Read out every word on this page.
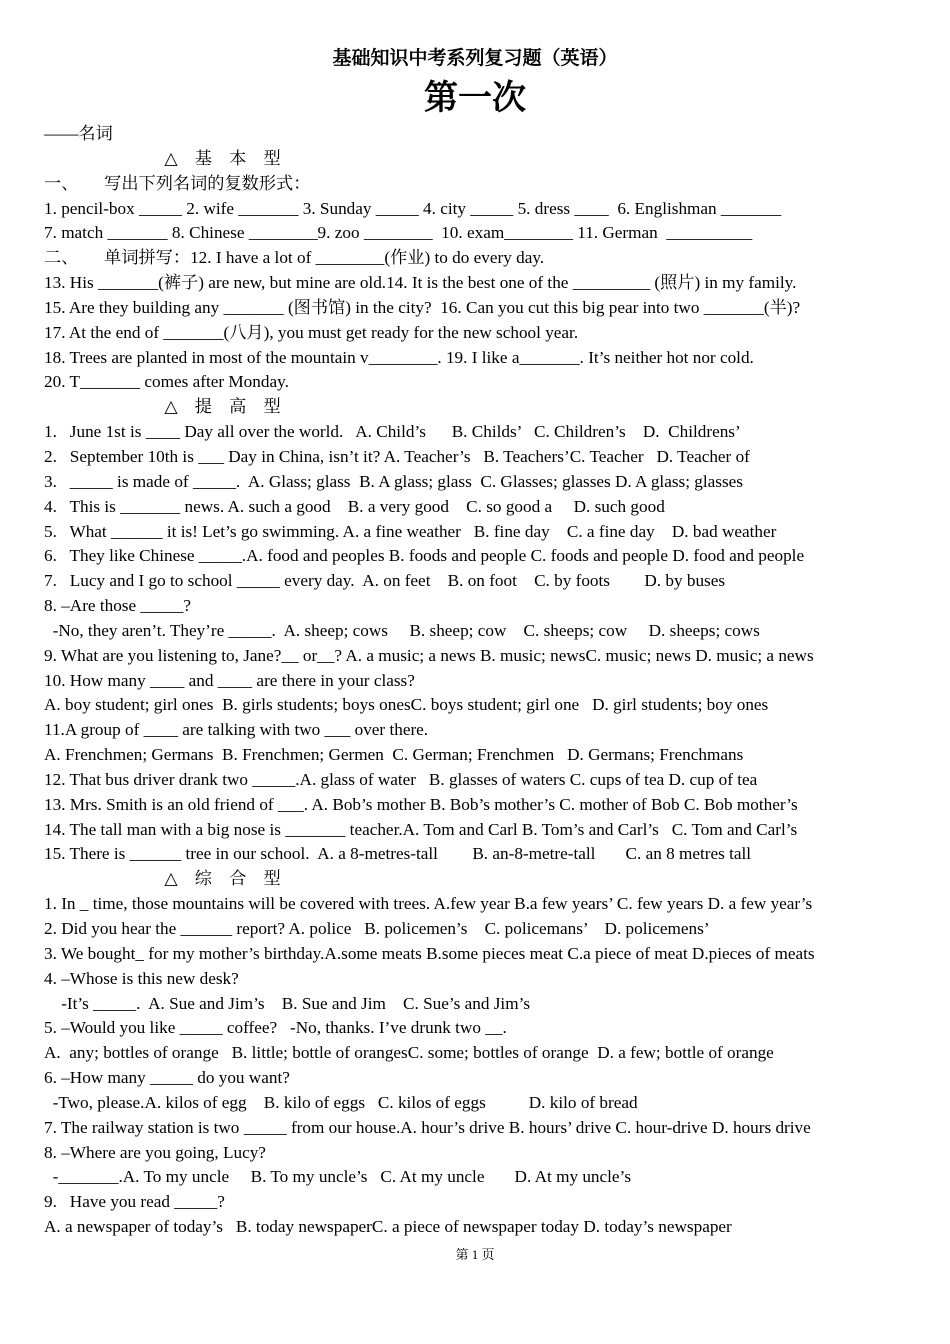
基础知识中考系列复习题（英语）
第一次
——名词
△　基　本　型
一、　　写出下列名词的复数形式：
1. pencil-box _____ 2. wife _______ 3. Sunday _____ 4. city _____ 5. dress ____  6. Englishman _______
7. match _______ 8. Chinese ________9. zoo ________  10. exam________ 11. German  __________
二、　　单词拼写：12. I have a lot of ________(作业) to do every day.
13. His _______(裤子) are new, but mine are old.14. It is the best one of the _________ (照片) in my family.
15. Are they building any _______ (图书馆) in the city?  16. Can you cut this big pear into two _______(半)?
17. At the end of _______(八月), you must get ready for the new school year.
18. Trees are planted in most of the mountain v________. 19. I like a_______. It’s neither hot nor cold.
20. T_______ comes after Monday.
△　提　高　型
1.   June 1st is ____ Day all over the world.   A. Child’s      B. Childs’   C. Children’s    D.  Childrens’
2.   September 10th is ___ Day in China, isn’t it? A. Teacher’s   B. Teachers’C. Teacher   D. Teacher of
3.   _____ is made of _____.  A. Glass; glass  B. A glass; glass  C. Glasses; glasses D. A glass; glasses
4.   This is _______ news. A. such a good    B. a very good    C. so good a     D. such good
5.   What ______ it is! Let’s go swimming. A. a fine weather   B. fine day    C. a fine day    D. bad weather
6.   They like Chinese _____.A. food and peoples B. foods and people C. foods and people D. food and people
7.   Lucy and I go to school _____ every day.  A. on feet    B. on foot    C. by foots        D. by buses
8. –Are those _____?
-No, they aren’t. They’re _____.  A. sheep; cows     B. sheep; cow    C. sheeps; cow     D. sheeps; cows
9. What are you listening to, Jane?__ or__? A. a music; a news B. music; newsC. music; news D. music; a news
10. How many ____ and ____ are there in your class?
A. boy student; girl ones  B. girls students; boys onesC. boys student; girl one   D. girl students; boy ones
11.A group of ____ are talking with two ___ over there.
A. Frenchmen; Germans  B. Frenchmen; Germen  C. German; Frenchmen   D. Germans; Frenchmans
12. That bus driver drank two _____.A. glass of water   B. glasses of waters C. cups of tea D. cup of tea
13. Mrs. Smith is an old friend of ___. A. Bob’s mother B. Bob’s mother’s C. mother of Bob C. Bob mother’s
14. The tall man with a big nose is _______ teacher.A. Tom and Carl B. Tom’s and Carl’s   C. Tom and Carl’s
15. There is ______ tree in our school.  A. a 8-metres-tall        B. an-8-metre-tall       C. an 8 metres tall
△　综　合　型
1. In _ time, those mountains will be covered with trees. A.few year B.a few years’ C. few years D. a few year’s
2. Did you hear the ______ report? A. police   B. policemen’s    C. policemans’    D. policemens’
3. We bought_ for my mother’s birthday.A.some meats B.some pieces meat C.a piece of meat D.pieces of meats
4. –Whose is this new desk?
-It’s _____.  A. Sue and Jim’s    B. Sue and Jim    C. Sue’s and Jim’s
5. –Would you like _____ coffee?   -No, thanks. I’ve drunk two __.
A.  any; bottles of orange   B. little; bottle of orangesC. some; bottles of orange  D. a few; bottle of orange
6. –How many _____ do you want?
-Two, please.A. kilos of egg    B. kilo of eggs   C. kilos of eggs          D. kilo of bread
7. The railway station is two _____ from our house.A. hour’s drive B. hours’ drive C. hour-drive D. hours drive
8. –Where are you going, Lucy?
-_______.A. To my uncle     B. To my uncle’s   C. At my uncle       D. At my uncle’s
9.   Have you read _____?
A. a newspaper of today’s   B. today newspaperC. a piece of newspaper today D. today’s newspaper
第 1 页
